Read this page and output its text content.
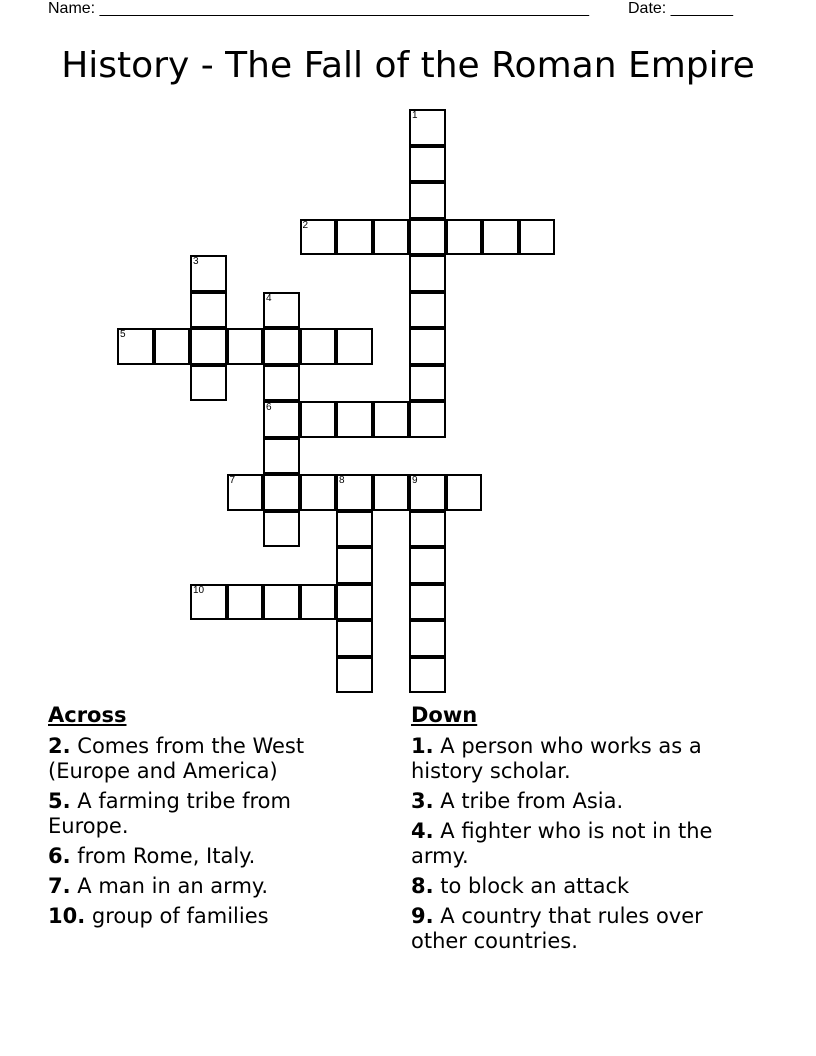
Name: _______________________________________________________ Date: _______
History - The Fall of the Roman Empire
1
2
3
4
6
5
7	8	9
10
Across
2. Comes from the West (Europe and America)
5. A farming tribe from Europe.
6. from Rome, Italy.
7. A man in an army.
10. group of families
Down
1. A person who works as a history scholar.
3. A tribe from Asia.
4. A fighter who is not in the army.
8. to block an attack
9. A country that rules over other countries.
